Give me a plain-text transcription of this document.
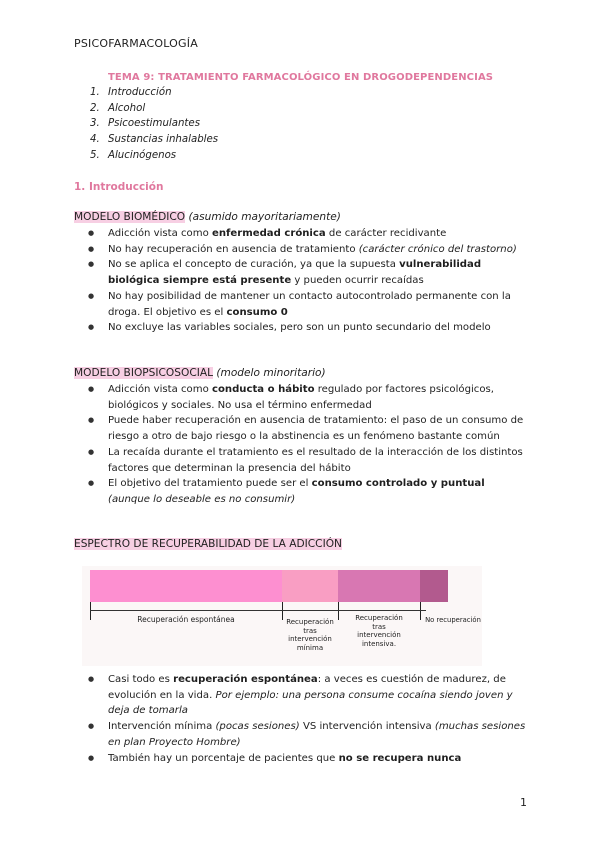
PSICOFARMACOLOGÍA
TEMA 9: TRATAMIENTO FARMACOLÓGICO EN DROGODEPENDENCIAS
1. Introducción
2. Alcohol
3. Psicoestimulantes
4. Sustancias inhalables
5. Alucinógenos
1. Introducción
MODELO BIOMÉDICO (asumido mayoritariamente)
● Adicción vista como enfermedad crónica de carácter recidivante
● No hay recuperación en ausencia de tratamiento (carácter crónico del trastorno)
● No se aplica el concepto de curación, ya que la supuesta vulnerabilidad biológica siempre está presente y pueden ocurrir recaídas
● No hay posibilidad de mantener un contacto autocontrolado permanente con la droga. El objetivo es el consumo 0
● No excluye las variables sociales, pero son un punto secundario del modelo
MODELO BIOPSICOSOCIAL (modelo minoritario)
● Adicción vista como conducta o hábito regulado por factores psicológicos, biológicos y sociales. No usa el término enfermedad
● Puede haber recuperación en ausencia de tratamiento: el paso de un consumo de riesgo a otro de bajo riesgo o la abstinencia es un fenómeno bastante común
● La recaída durante el tratamiento es el resultado de la interacción de los distintos factores que determinan la presencia del hábito
● El objetivo del tratamiento puede ser el consumo controlado y puntual
(aunque lo deseable es no consumir)
ESPECTRO DE RECUPERABILIDAD DE LA ADICCIÓN
Recuperación espontánea	Recuperación
tras
intervención
mínima
Recuperación
tras
intervención
intensiva.
No recuperación
● Casi todo es recuperación espontánea: a veces es cuestión de madurez, de evolución en la vida. Por ejemplo: una persona consume cocaína siendo joven y deja de tomarla
● Intervención mínima (pocas sesiones) VS intervención intensiva (muchas sesiones en plan Proyecto Hombre)
● También hay un porcentaje de pacientes que no se recupera nunca
1
